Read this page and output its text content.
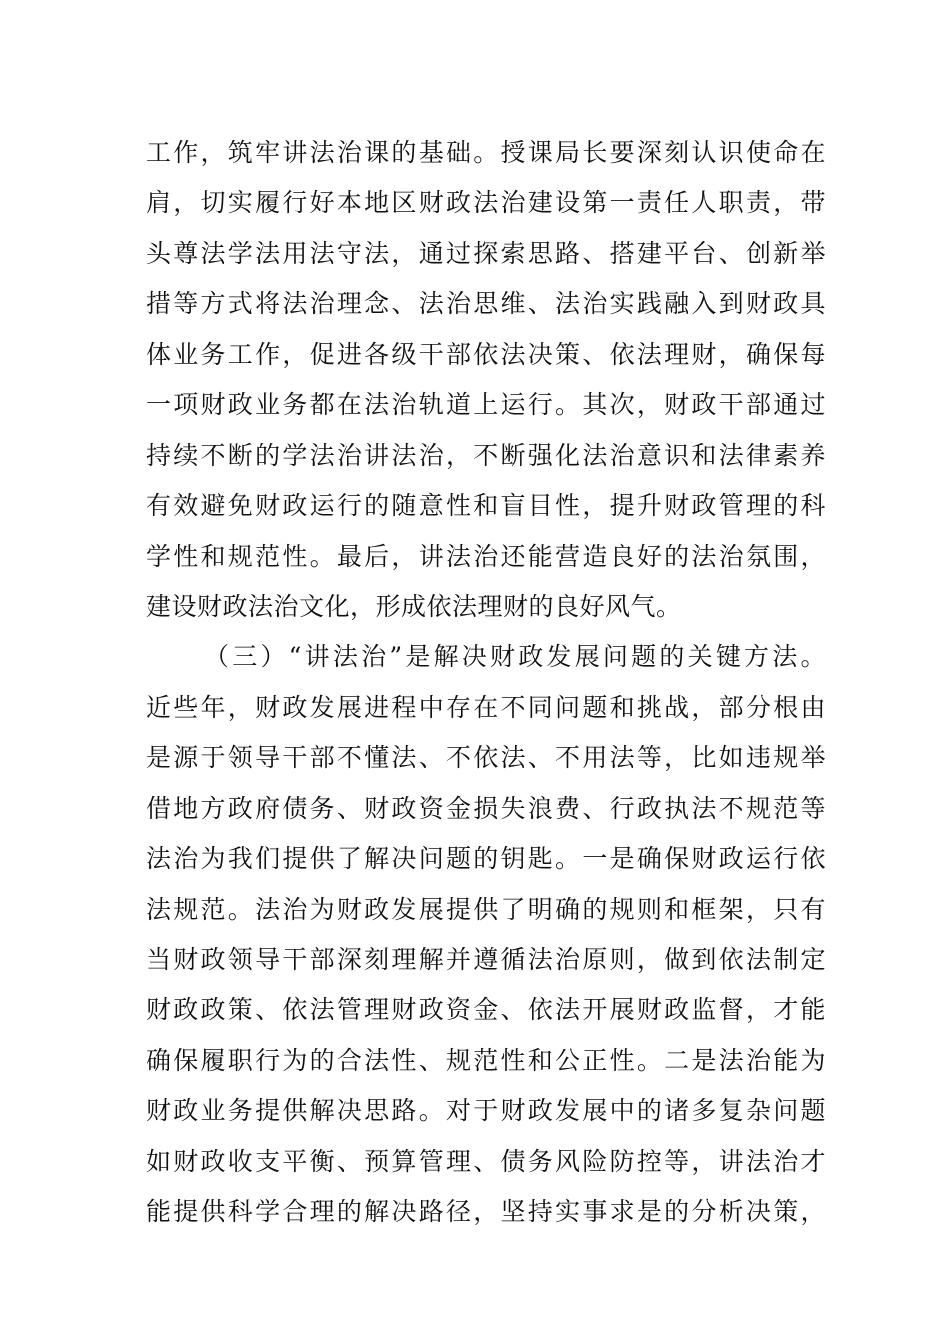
工作，筑牢讲法治课的基础。授课局长要深刻认识使命在
肩，切实履行好本地区财政法治建设第一责任人职责，带
头尊法学法用法守法，通过探索思路、搭建平台、创新举
措等方式将法治理念、法治思维、法治实践融入到财政具
体业务工作，促进各级干部依法决策、依法理财，确保每
一项财政业务都在法治轨道上运行。其次，财政干部通过
持续不断的学法治讲法治，不断强化法治意识和法律素养
有效避免财政运行的随意性和盲目性，提升财政管理的科
学性和规范性。最后，讲法治还能营造良好的法治氛围，
建设财政法治文化，形成依法理财的良好风气。
（三）“讲法治”是解决财政发展问题的关键方法。
近些年，财政发展进程中存在不同问题和挑战，部分根由
是源于领导干部不懂法、不依法、不用法等，比如违规举
借地方政府债务、财政资金损失浪费、行政执法不规范等
法治为我们提供了解决问题的钥匙。一是确保财政运行依
法规范。法治为财政发展提供了明确的规则和框架，只有
当财政领导干部深刻理解并遵循法治原则，做到依法制定
财政政策、依法管理财政资金、依法开展财政监督，才能
确保履职行为的合法性、规范性和公正性。二是法治能为
财政业务提供解决思路。对于财政发展中的诸多复杂问题
如财政收支平衡、预算管理、债务风险防控等，讲法治才
能提供科学合理的解决路径，坚持实事求是的分析决策，
